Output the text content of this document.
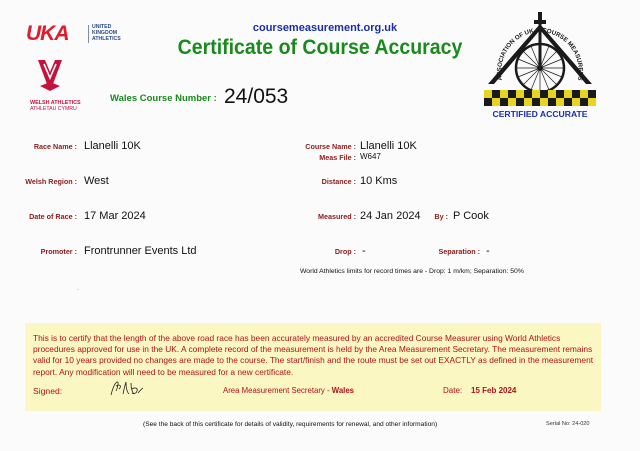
UKA	UNITED
KINGDOM
ATHLETICS
WELSH ATHLETICS
ATHLETAU CYMRU
coursemeasurement.org.uk
Certificate of Course Accuracy
Wales Course Number : 24/053
ASSOCIATION OF UK COURSE MEASURERS
CERTIFIED ACCURATE
Race Name : Llanelli 10K
Welsh Region : West
Date of Race : 17 Mar 2024
Promoter : Frontrunner Events Ltd
.
Course Name : Llanelli 10K
Meas File : W647
Distance : 10 Kms
Measured : 24 Jan 2024	By : P Cook
Drop : -	Separation : -
World Athletics limits for record times are - Drop: 1 m/km; Separation: 50%
This is to certify that the length of the above road race has been accurately measured by an accredited Course Measurer using World Athletics procedures approved for use in the UK. A complete record of the measurement is held by the Area Measurement Secretary. The measurement remains valid for 10 years provided no changes are made to the course. The start/finish and the route must be set out EXACTLY as defined in the measurement report. Any modification will need to be measured for a new certificate.
Signed:	Area Measurement Secretary - Wales	Date: 15 Feb 2024
(See the back of this certificate for details of validity, requirements for renewal, and other information)	Serial No: 24-020
